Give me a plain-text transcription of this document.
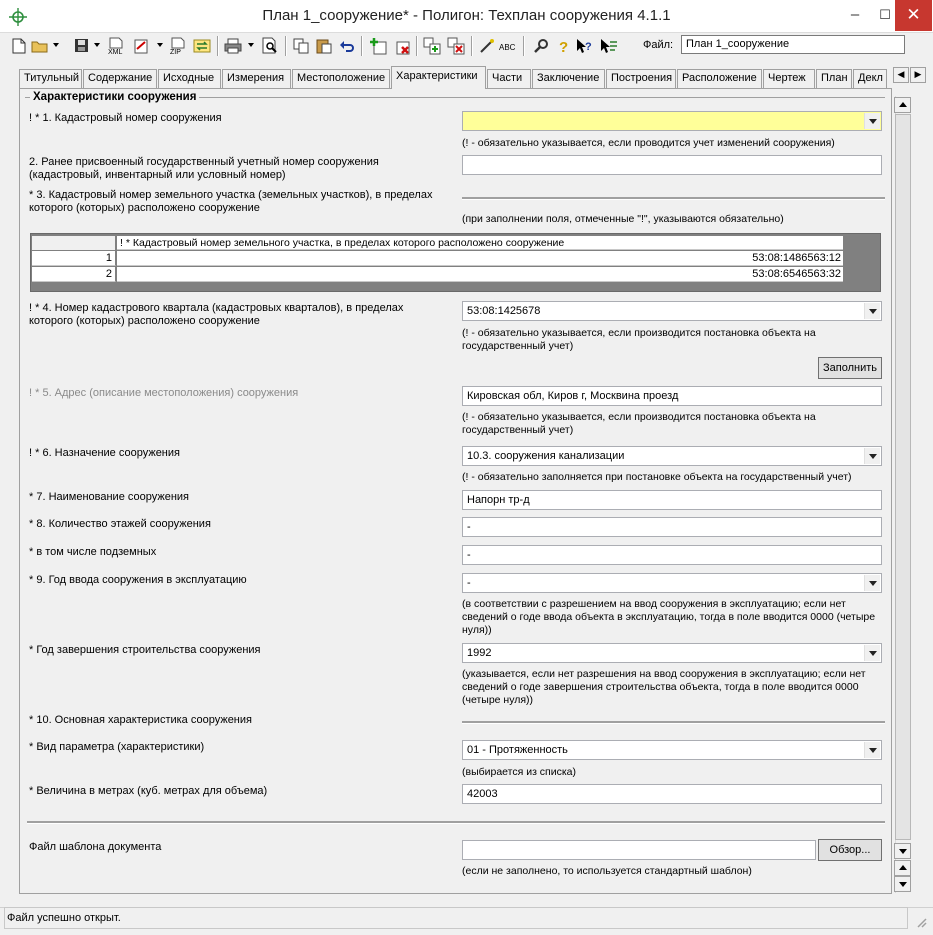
План 1_сооружение* - Полигон: Техплан сооружения 4.1.1	–	☐ ✕
XML	ZIP
ABC	? ?	Файл:	План 1_сооружение
Титульный Содержание Исходные	Измерения	Местоположение Характеристики	Части	Заключение	Построения Расположение	Чертеж	План Декл	◀	▶
Характеристики сооружения
! * 1. Кадастровый номер сооружения
(! - обязательно указывается, если проводится учет изменений сооружения)
2. Ранее присвоенный государственный учетный номер сооружения (кадастровый, инвентарный или условный номер)
* 3. Кадастровый номер земельного участка (земельных участков), в пределах которого (которых) расположено сооружение
(при заполнении поля, отмеченные "!", указываются обязательно)
! * Кадастровый номер земельного участка, в пределах которого расположено сооружение
1	53:08:1486563:12
2	53:08:6546563:32
! * 4. Номер кадастрового квартала (кадастровых кварталов), в пределах которого (которых) расположено сооружение
53:08:1425678
(! - обязательно указывается, если производится постановка объекта на государственный учет)
Заполнить
! * 5. Адрес (описание местоположения) сооружения	Кировская обл, Киров г, Москвина проезд
(! - обязательно указывается, если производится постановка объекта на государственный учет)
! * 6. Назначение сооружения	10.3. сооружения канализации
(! - обязательно заполняется при постановке объекта на государственный учет)
* 7. Наименование сооружения	Напорн тр-д
* 8. Количество этажей сооружения	-
* в том числе подземных	-
* 9. Год ввода сооружения в эксплуатацию	-
(в соответствии с разрешением на ввод сооружения в эксплуатацию; если нет сведений о годе ввода объекта в эксплуатацию, тогда в поле вводится 0000 (четыре нуля))
* Год завершения строительства сооружения	1992
(указывается, если нет разрешения на ввод сооружения в эксплуатацию; если нет сведений о годе завершения строительства объекта, тогда в поле вводится 0000 (четыре нуля))
* 10. Основная характеристика сооружения
* Вид параметра (характеристики)	01 - Протяженность
(выбирается из списка)
* Величина в метрах (куб. метрах для объема)	42003
Файл шаблона документа	Обзор...
(если не заполнено, то используется стандартный шаблон)
Файл успешно открыт.
